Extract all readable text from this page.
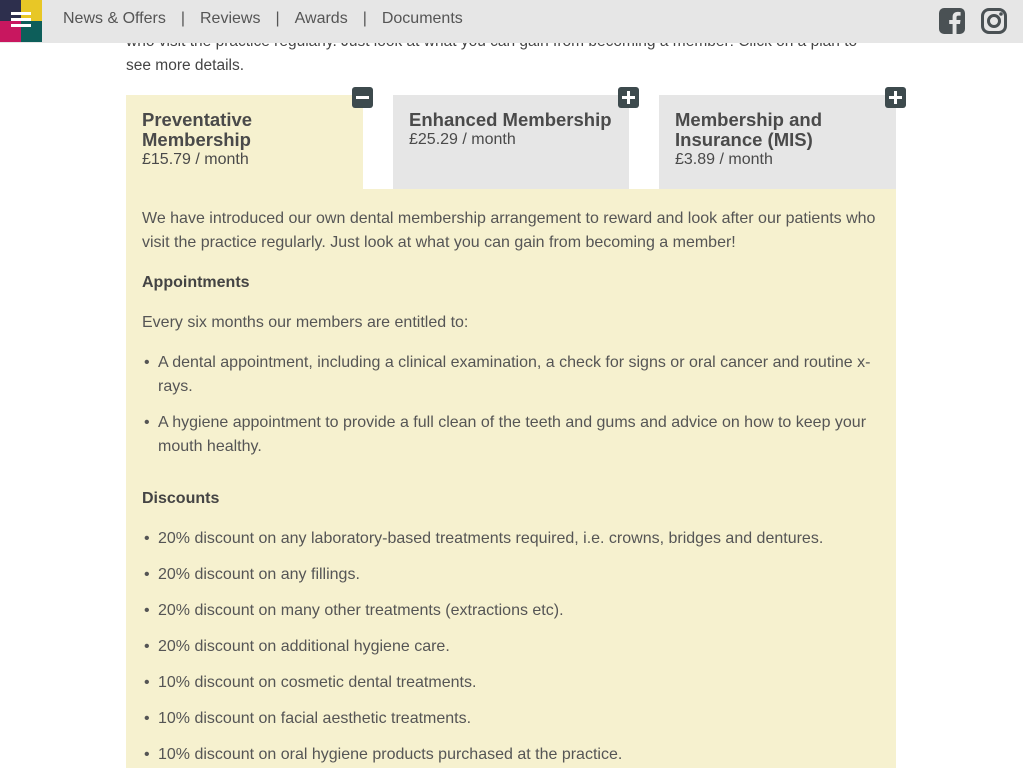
News & Offers | Reviews | Awards | Documents
see more details.
Preventative Membership
£15.79 / month
Enhanced Membership
£25.29 / month
Membership and Insurance (MIS)
£3.89 / month

We have introduced our own dental membership arrangement to reward and look after our patients who visit the practice regularly. Just look at what you can gain from becoming a member!

Appointments

Every six months our members are entitled to:

• A dental appointment, including a clinical examination, a check for signs or oral cancer and routine x-rays.
• A hygiene appointment to provide a full clean of the teeth and gums and advice on how to keep your mouth healthy.
Discounts
• 20% discount on any laboratory-based treatments required, i.e. crowns, bridges and dentures.
• 20% discount on any fillings.
• 20% discount on many other treatments (extractions etc).
• 20% discount on additional hygiene care.
• 10% discount on cosmetic dental treatments.
• 10% discount on facial aesthetic treatments.
• 10% discount on oral hygiene products purchased at the practice.
